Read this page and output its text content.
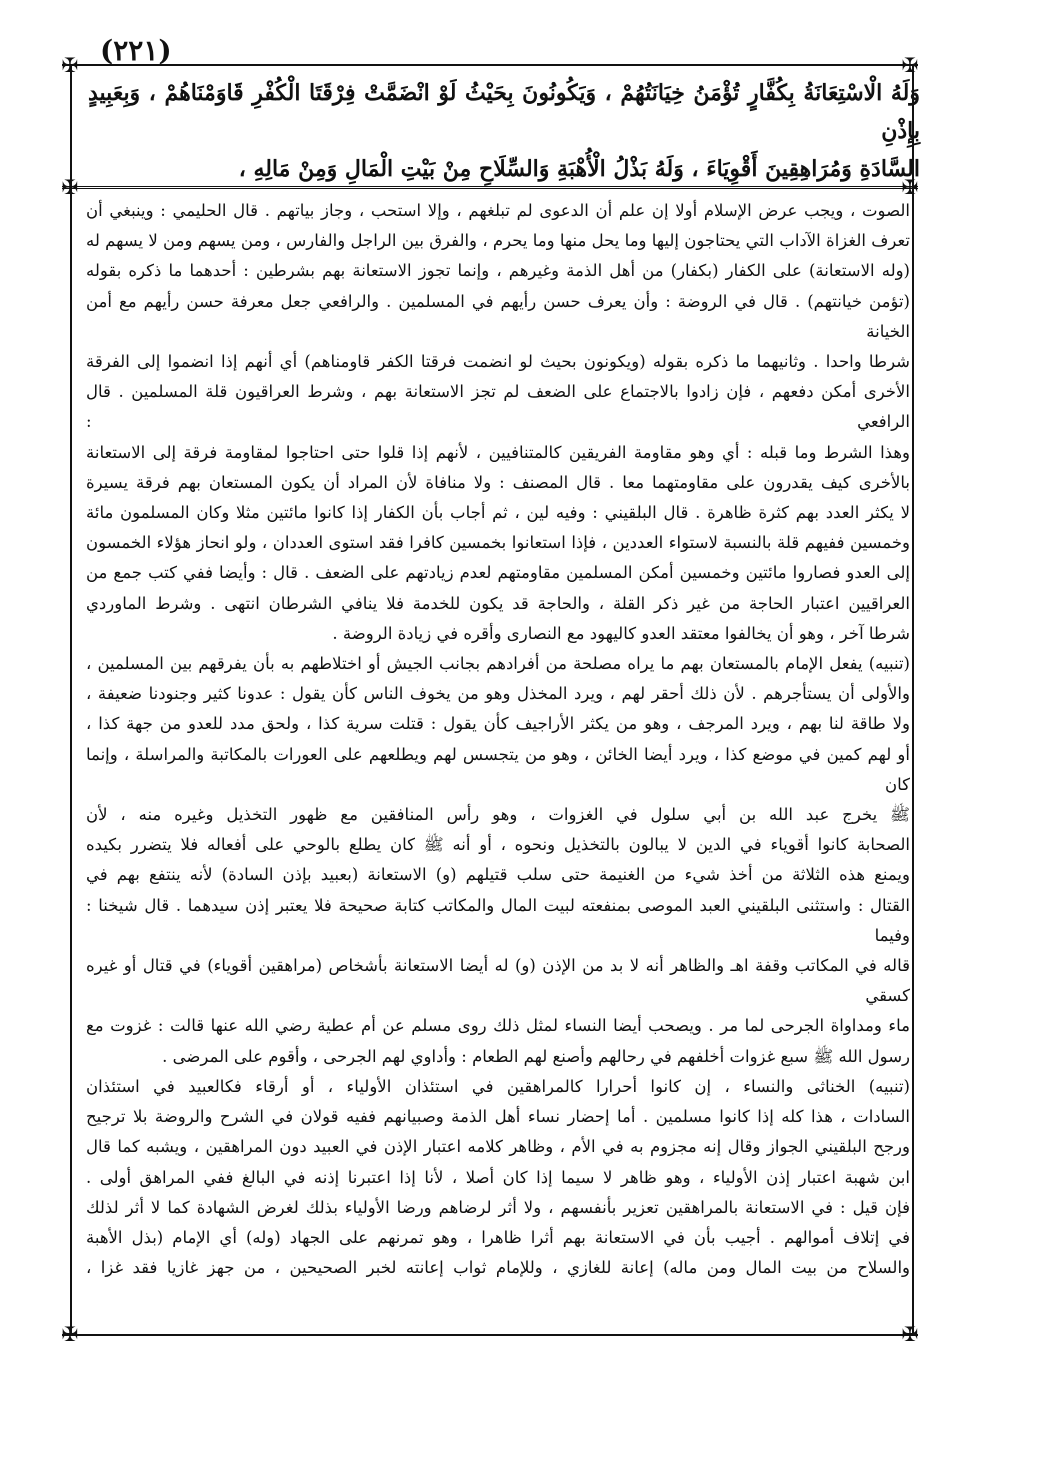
(٢٢١)
✠	✠
✠	✠
✠	✠

وَلَهُ الْاسْتِعَانَةُ بِكُفَّارٍ تُؤْمَنُ خِيَانَتُهُمْ ، وَيَكُونُونَ بِحَيْثُ لَوْ انْضَمَّتْ فِرْقَتَا الْكُفْرِ قَاوَمْنَاهُمْ ، وَبِعَبِيدٍ بِإِذْنِ

السَّادَةِ وَمُرَاهِقِينَ أَقْوِيَاءَ ، وَلَهُ بَذْلُ الْأُهْبَةِ وَالسِّلَاحِ مِنْ بَيْتِ الْمَالِ وَمِنْ مَالِهِ ،

الصوت ، ويجب عرض الإسلام أولا إن علم أن الدعوى لم تبلغهم ، وإلا استحب ، وجاز بياتهم . قال الحليمي : وينبغي أن

تعرف الغزاة الآداب التي يحتاجون إليها وما يحل منها وما يحرم ، والفرق بين الراجل والفارس ، ومن يسهم ومن لا يسهم له

(وله الاستعانة) على الكفار (بكفار) من أهل الذمة وغيرهم ، وإنما تجوز الاستعانة بهم بشرطين : أحدهما ما ذكره بقوله

(تؤمن خيانتهم) . قال في الروضة : وأن يعرف حسن رأيهم في المسلمين . والرافعي جعل معرفة حسن رأيهم مع أمن الخيانة

شرطا واحدا . وثانيهما ما ذكره بقوله (ويكونون بحيث لو انضمت فرقتا الكفر قاومناهم) أي أنهم إذا انضموا إلى الفرقة

الأخرى أمكن دفعهم ، فإن زادوا بالاجتماع على الضعف لم تجز الاستعانة بهم ، وشرط العراقيون قلة المسلمين . قال الرافعي :

وهذا الشرط وما قبله : أي وهو مقاومة الفريقين كالمتنافيين ، لأنهم إذا قلوا حتى احتاجوا لمقاومة فرقة إلى الاستعانة

بالأخرى كيف يقدرون على مقاومتهما معا . قال المصنف : ولا منافاة لأن المراد أن يكون المستعان بهم فرقة يسيرة

لا يكثر العدد بهم كثرة ظاهرة . قال البلقيني : وفيه لين ، ثم أجاب بأن الكفار إذا كانوا مائتين مثلا وكان المسلمون مائة

وخمسين ففيهم قلة بالنسبة لاستواء العددين ، فإذا استعانوا بخمسين كافرا فقد استوى العددان ، ولو انحاز هؤلاء الخمسون

إلى العدو فصاروا مائتين وخمسين أمكن المسلمين مقاومتهم لعدم زيادتهم على الضعف . قال : وأيضا ففي كتب جمع من

العراقيين اعتبار الحاجة من غير ذكر القلة ، والحاجة قد يكون للخدمة فلا ينافي الشرطان انتهى . وشرط الماوردي

شرطا آخر ، وهو أن يخالفوا معتقد العدو كاليهود مع النصارى وأقره في زيادة الروضة .

(تنبيه) يفعل الإمام بالمستعان بهم ما يراه مصلحة من أفرادهم بجانب الجيش أو اختلاطهم به بأن يفرقهم بين المسلمين ،

والأولى أن يستأجرهم . لأن ذلك أحقر لهم ، ويرد المخذل وهو من يخوف الناس كأن يقول : عدونا كثير وجنودنا ضعيفة ،

ولا طاقة لنا بهم ، ويرد المرجف ، وهو من يكثر الأراجيف كأن يقول : قتلت سرية كذا ، ولحق مدد للعدو من جهة كذا ،

أو لهم كمين في موضع كذا ، ويرد أيضا الخائن ، وهو من يتجسس لهم ويطلعهم على العورات بالمكاتبة والمراسلة ، وإنما كان

ﷺ يخرج عبد الله بن أبي سلول في الغزوات ، وهو رأس المنافقين مع ظهور التخذيل وغيره منه ، لأن

الصحابة كانوا أقوياء في الدين لا يبالون بالتخذيل ونحوه ، أو أنه ﷺ كان يطلع بالوحي على أفعاله فلا يتضرر بكيده

ويمنع هذه الثلاثة من أخذ شيء من الغنيمة حتى سلب قتيلهم (و) الاستعانة (بعبيد بإذن السادة) لأنه ينتفع بهم في

القتال : واستثنى البلقيني العبد الموصى بمنفعته لبيت المال والمكاتب كتابة صحيحة فلا يعتبر إذن سيدهما . قال شيخنا : وفيما

قاله في المكاتب وقفة اهـ والظاهر أنه لا بد من الإذن (و) له أيضا الاستعانة بأشخاص (مراهقين أقوياء) في قتال أو غيره كسقي

ماء ومداواة الجرحى لما مر . ويصحب أيضا النساء لمثل ذلك روى مسلم عن أم عطية رضي الله عنها قالت : غزوت مع

رسول الله ﷺ سبع غزوات أخلفهم في رحالهم وأصنع لهم الطعام : وأداوي لهم الجرحى ، وأقوم على المرضى .

(تنبيه) الخناثى والنساء ، إن كانوا أحرارا كالمراهقين في استئذان الأولياء ، أو أرقاء فكالعبيد في استئذان

السادات ، هذا كله إذا كانوا مسلمين . أما إحضار نساء أهل الذمة وصبيانهم ففيه قولان في الشرح والروضة بلا ترجيح

ورجح البلقيني الجواز وقال إنه مجزوم به في الأم ، وظاهر كلامه اعتبار الإذن في العبيد دون المراهقين ، ويشبه كما قال

ابن شهبة اعتبار إذن الأولياء ، وهو ظاهر لا سيما إذا كان أصلا ، لأنا إذا اعتبرنا إذنه في البالغ ففي المراهق أولى .

فإن قيل : في الاستعانة بالمراهقين تعزير بأنفسهم ، ولا أثر لرضاهم ورضا الأولياء بذلك لغرض الشهادة كما لا أثر لذلك

في إتلاف أموالهم . أجيب بأن في الاستعانة بهم أثرا ظاهرا ، وهو تمرنهم على الجهاد (وله) أي الإمام (بذل الأهبة

والسلاح من بيت المال ومن ماله) إعانة للغازي ، وللإمام ثواب إعانته لخبر الصحيحين ، من جهز غازيا فقد غزا ،
